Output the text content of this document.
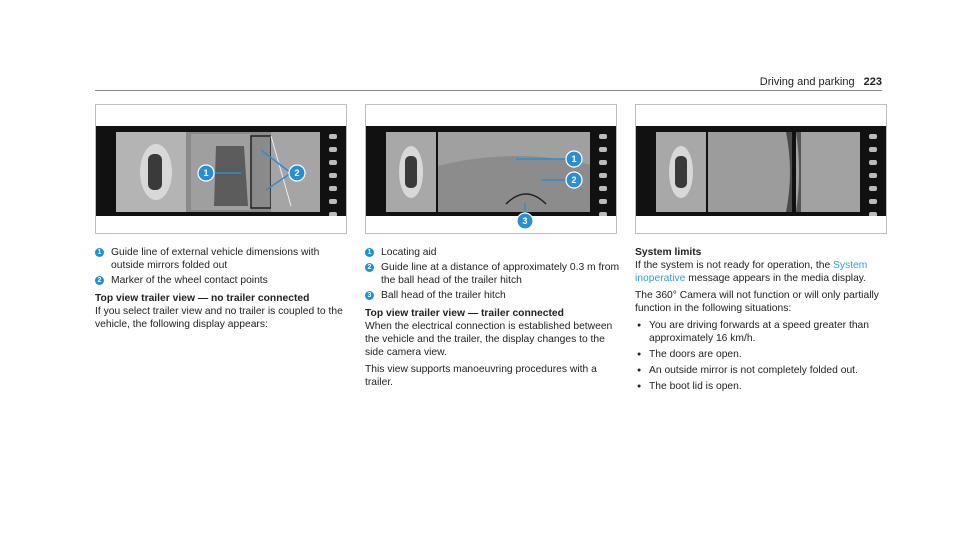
Driving and parking 223
1	2
1
2
3
1 Guide line of external vehicle dimensions with outside mirrors folded out
2 Marker of the wheel contact points
Top view trailer view — no trailer connected

If you select trailer view and no trailer is coupled to the vehicle, the following display appears:

1 Locating aid
2 Guide line at a distance of approximately 0.3 m from the ball head of the trailer hitch
3 Ball head of the trailer hitch
Top view trailer view — trailer connected

When the electrical connection is established between the vehicle and the trailer, the display changes to the side camera view.

This view supports manoeuvring procedures with a trailer.

System limits

If the system is not ready for operation, the System inoperative message appears in the media display.

The 360° Camera will not function or will only partially function in the following situations:

● You are driving forwards at a speed greater than approximately 16 km/h.
● The doors are open.
● An outside mirror is not completely folded out.
● The boot lid is open.
